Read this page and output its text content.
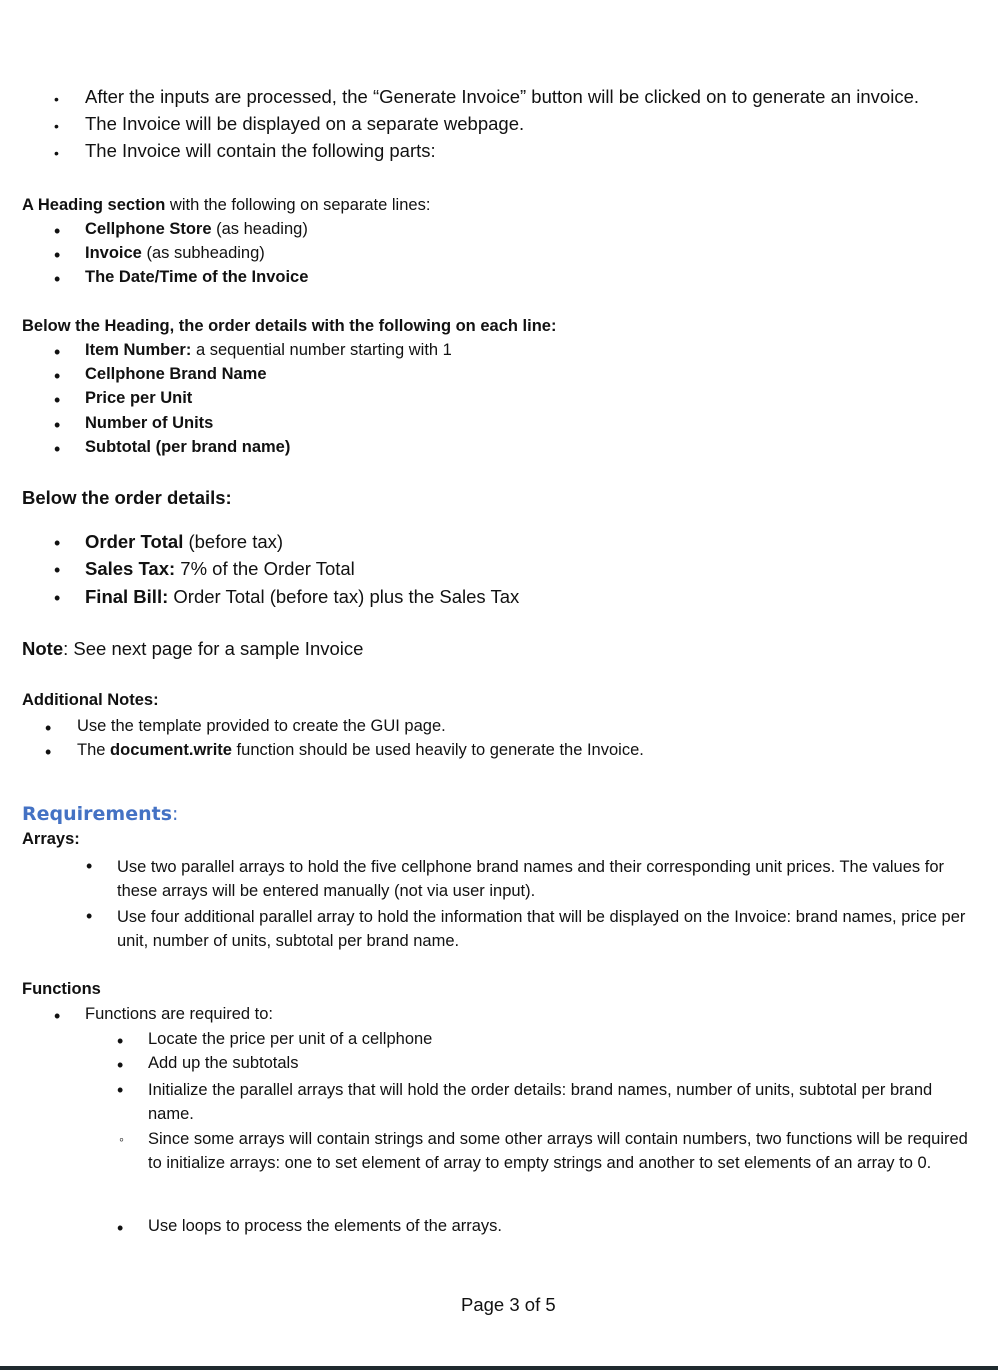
• After the inputs are processed, the “Generate Invoice” button will be clicked on to generate an invoice.
• The Invoice will be displayed on a separate webpage.
• The Invoice will contain the following parts:
A Heading section with the following on separate lines:
• Cellphone Store (as heading)
• Invoice (as subheading)
• The Date/Time of the Invoice
Below the Heading, the order details with the following on each line:
• Item Number: a sequential number starting with 1
• Cellphone Brand Name
• Price per Unit
• Number of Units
• Subtotal (per brand name)
Below the order details:
• Order Total (before tax)
• Sales Tax: 7% of the Order Total
• Final Bill: Order Total (before tax) plus the Sales Tax
Note: See next page for a sample Invoice
Additional Notes:
• Use the template provided to create the GUI page.
• The document.write function should be used heavily to generate the Invoice.
Requirements:
Arrays:
• Use two parallel arrays to hold the five cellphone brand names and their corresponding unit prices. The values for these arrays will be entered manually (not via user input).
• Use four additional parallel array to hold the information that will be displayed on the Invoice: brand names, price per unit, number of units, subtotal per brand name.
Functions
• Functions are required to:
• Locate the price per unit of a cellphone
• Add up the subtotals
• Initialize the parallel arrays that will hold the order details: brand names, number of units, subtotal per brand name.
◦ Since some arrays will contain strings and some other arrays will contain numbers, two functions will be required to initialize arrays: one to set element of array to empty strings and another to set elements of an array to 0.
• Use loops to process the elements of the arrays.
Page 3 of 5
